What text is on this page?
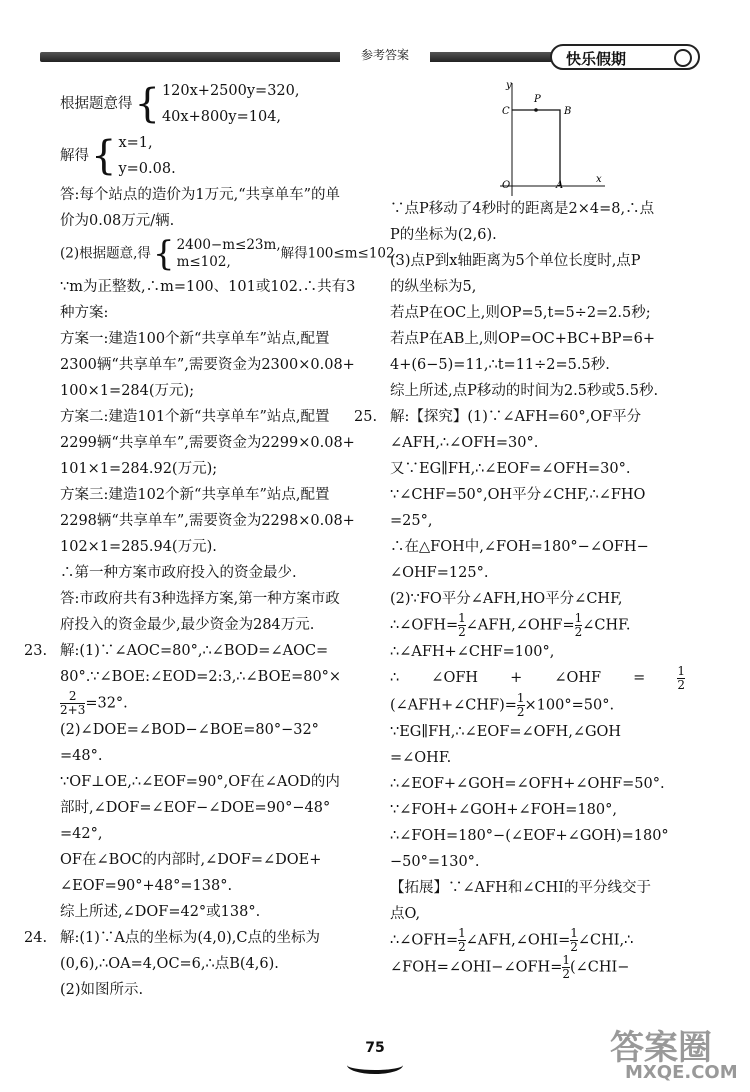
参考答案	快乐假期
根据题意得{ 120x+2500y=320,
40x+800y=104,
解得{ x=1,
y=0.08.
答:每个站点的造价为1万元,“共享单车”的单
价为0.08万元/辆.
(2)根据题意,得{ 2400−m≤23m,
m≤102,
解得100≤m≤102.
∵m为正整数,∴m=100、101或102.∴共有3
种方案:
方案一:建造100个新“共享单车”站点,配置
2300辆“共享单车”,需要资金为2300×0.08+
100×1=284(万元);
方案二:建造101个新“共享单车”站点,配置
2299辆“共享单车”,需要资金为2299×0.08+
101×1=284.92(万元);
方案三:建造102个新“共享单车”站点,配置
2298辆“共享单车”,需要资金为2298×0.08+
102×1=285.94(万元).
∴第一种方案市政府投入的资金最少.
答:市政府共有3种选择方案,第一种方案市政
府投入的资金最少,最少资金为284万元.
23. 解:(1)∵∠AOC=80°,∴∠BOD=∠AOC=
80°.∵∠BOE:∠EOD=2:3,∴∠BOE=80°×
$\frac{2}{2+3} =32^\circ$.
(2)∠DOE=∠BOD−∠BOE=80°−32°
=48°.
∵OF⊥OE,∴∠EOF=90°,OF在∠AOD的内
部时,∠DOF=∠EOF−∠DOE=90°−48°
=42°,
OF在∠BOC的内部时,∠DOF=∠DOE+
∠EOF=90°+48°=138°.
综上所述,∠DOF=42°或138°.
24. 解:(1)∵A点的坐标为(4,0),C点的坐标为
(0,6),∴OA=4,OC=6,∴点B(4,6).
(2)如图所示.
y
x
O	A
B
C
P
∵点P移动了4秒时的距离是2×4=8,∴点
P的坐标为(2,6).
(3)点P到x轴距离为5个单位长度时,点P
的纵坐标为5,
若点P在OC上,则OP=5,t=5÷2=2.5秒;
若点P在AB上,则OP=OC+BC+BP=6+
4+(6−5)=11,∴t=11÷2=5.5秒.
综上所述,点P移动的时间为2.5秒或5.5秒.
25. 解:【探究】(1)∵∠AFH=60°,OF平分
∠AFH,∴∠OFH=30°.
又∵EG∥FH,∴∠EOF=∠OFH=30°.
∵∠CHF=50°,OH平分∠CHF,∴∠FHO
=25°,
∴在△FOH中,∠FOH=180°−∠OFH−
∠OHF=125°.
(2)∵FO平分∠AFH,HO平分∠CHF,
∴∠OFH= $\frac{1}{2}$ ∠AFH,∠OHF= $\frac{1}{2}$ ∠CHF.
∴∠AFH+∠CHF=100°,
∴ ∠OFH + ∠OHF =	$\frac{1}{2}$
(∠AFH+∠CHF)= $\frac{1}{2} \times 100^\circ=50^\circ$.
∵EG∥FH,∴∠EOF=∠OFH,∠GOH
=∠OHF.
∴∠EOF+∠GOH=∠OFH+∠OHF=50°.
∵∠FOH+∠GOH+∠FOH=180°,
∴∠FOH=180°−(∠EOF+∠GOH)=180°
−50°=130°.
【拓展】∵∠AFH和∠CHI的平分线交于
点O,
∴∠OFH= $\frac{1}{2}$ ∠AFH,∠OHI= $\frac{1}{2}$ ∠CHI,∴
∠FOH=∠OHI−∠OFH= $\frac{1}{2}$ (∠CHI−
75	答案圈
MXQE.COM
